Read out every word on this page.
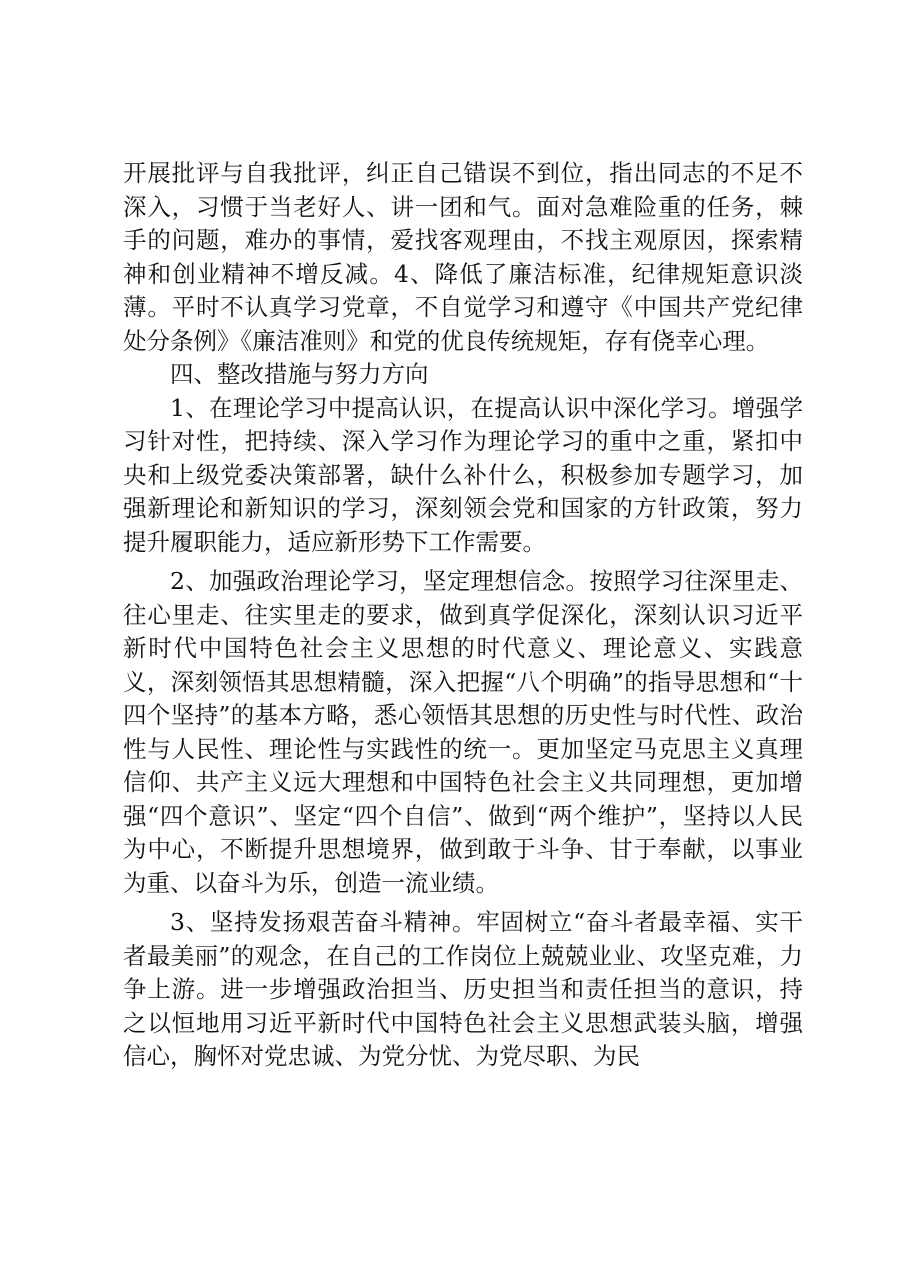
开展批评与自我批评，纠正自己错误不到位，指出同志的不足不深入，习惯于当老好人、讲一团和气。面对急难险重的任务，棘手的问题，难办的事情，爱找客观理由，不找主观原因，探索精神和创业精神不增反减。4、降低了廉洁标准，纪律规矩意识淡薄。平时不认真学习党章，不自觉学习和遵守《中国共产党纪律处分条例》《廉洁准则》和党的优良传统规矩，存有侥幸心理。

四、整改措施与努力方向

1、在理论学习中提高认识，在提高认识中深化学习。增强学习针对性，把持续、深入学习作为理论学习的重中之重，紧扣中央和上级党委决策部署，缺什么补什么，积极参加专题学习，加强新理论和新知识的学习，深刻领会党和国家的方针政策，努力提升履职能力，适应新形势下工作需要。

2、加强政治理论学习，坚定理想信念。按照学习往深里走、往心里走、往实里走的要求，做到真学促深化，深刻认识习近平新时代中国特色社会主义思想的时代意义、理论意义、实践意义，深刻领悟其思想精髓，深入把握“八个明确”的指导思想和“十四个坚持”的基本方略，悉心领悟其思想的历史性与时代性、政治性与人民性、理论性与实践性的统一。更加坚定马克思主义真理信仰、共产主义远大理想和中国特色社会主义共同理想，更加增强“四个意识”、坚定“四个自信”、做到“两个维护”，坚持以人民为中心，不断提升思想境界，做到敢于斗争、甘于奉献，以事业为重、以奋斗为乐，创造一流业绩。

3、坚持发扬艰苦奋斗精神。牢固树立“奋斗者最幸福、实干者最美丽”的观念，在自己的工作岗位上兢兢业业、攻坚克难，力争上游。进一步增强政治担当、历史担当和责任担当的意识，持之以恒地用习近平新时代中国特色社会主义思想武装头脑，增强信心，胸怀对党忠诚、为党分忧、为党尽职、为民
